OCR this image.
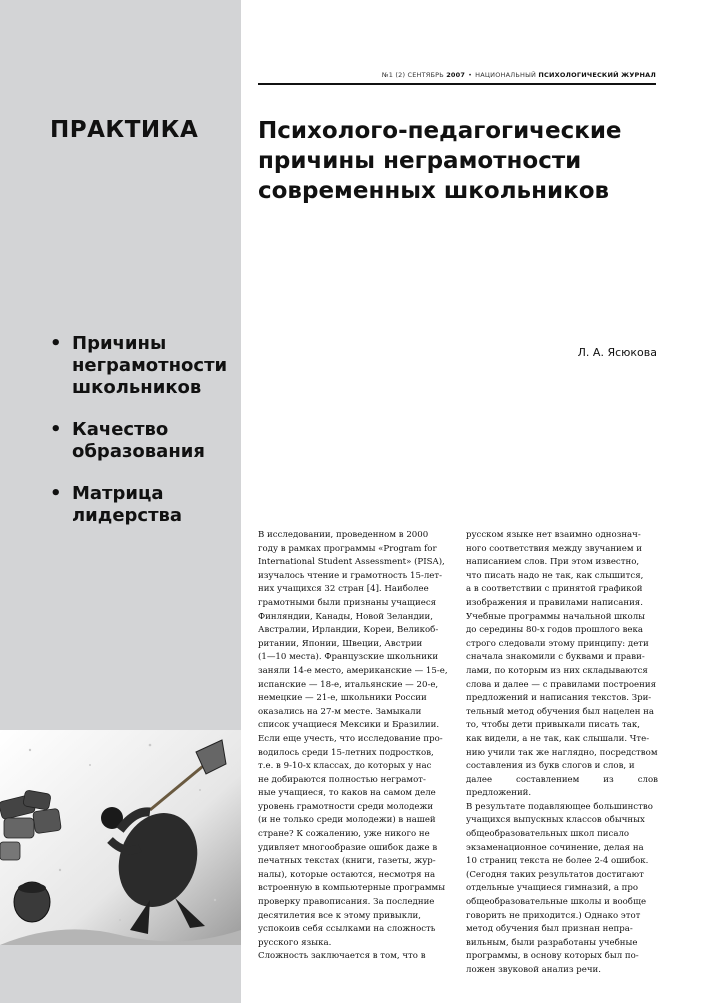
ПРАКТИКА
• Причины неграмотности школьников
• Качество образования
• Матрица лидерства
№1 (2) СЕНТЯБРЬ 2007 • НАЦИОНАЛЬНЫЙ ПСИХОЛОГИЧЕСКИЙ ЖУРНАЛ
Психолого-педагогические причины неграмотности современных школьников

Л. А. Ясюкова

В исследовании, проведенном в 2000
году в рамках программы «Program for
International Student Assessment» (PISA),
изучалось чтение и грамотность 15-лет-
них учащихся 32 стран [4]. Наиболее
грамотными были признаны учащиеся
Финляндии, Канады, Новой Зеландии,
Австралии, Ирландии, Кореи, Великоб-
ритании, Японии, Швеции, Австрии
(1—10 места). Французские школьники
заняли 14-е место, американские — 15-е,
испанские — 18-е, итальянские — 20-е,
немецкие — 21-е, школьники России
оказались на 27-м месте. Замыкали
список учащиеся Мексики и Бразилии.
Если еще учесть, что исследование про-
водилось среди 15-летних подростков,
т.е. в 9-10-х классах, до которых у нас
не добираются полностью неграмот-
ные учащиеся, то каков на самом деле
уровень грамотности среди молодежи
(и не только среди молодежи) в нашей
стране? К сожалению, уже никого не
удивляет многообразие ошибок даже в
печатных текстах (книги, газеты, жур-
налы), которые остаются, несмотря на
встроенную в компьютерные программы
проверку правописания. За последние
десятилетия все к этому привыкли,
успокоив себя ссылками на сложность
русского языка.
Сложность заключается в том, что в

русском языке нет взаимно однознач-
ного соответствия между звучанием и
написанием слов. При этом известно,
что писать надо не так, как слышится,
а в соответствии с принятой графикой
изображения и правилами написания.
Учебные программы начальной школы
до середины 80-х годов прошлого века
строго следовали этому принципу: дети
сначала знакомили с буквами и прави-
лами, по которым из них складываются
слова и далее — с правилами построения
предложений и написания текстов. Зри-
тельный метод обучения был нацелен на
то, чтобы дети привыкали писать так,
как видели, а не так, как слышали. Чте-
нию учили так же наглядно, посредством
составления из букв слогов и слов, и
далее составлением из слов предложений.
В результате подавляющее большинство
учащихся выпускных классов обычных
общеобразовательных школ писало
экзаменационное сочинение, делая на
10 страниц текста не более 2-4 ошибок.
(Сегодня таких результатов достигают
отдельные учащиеся гимназий, а про
общеобразовательные школы и вообще
говорить не приходится.) Однако этот
метод обучения был признан непра-
вильным, были разработаны учебные
программы, в основу которых был по-
ложен звуковой анализ речи.
